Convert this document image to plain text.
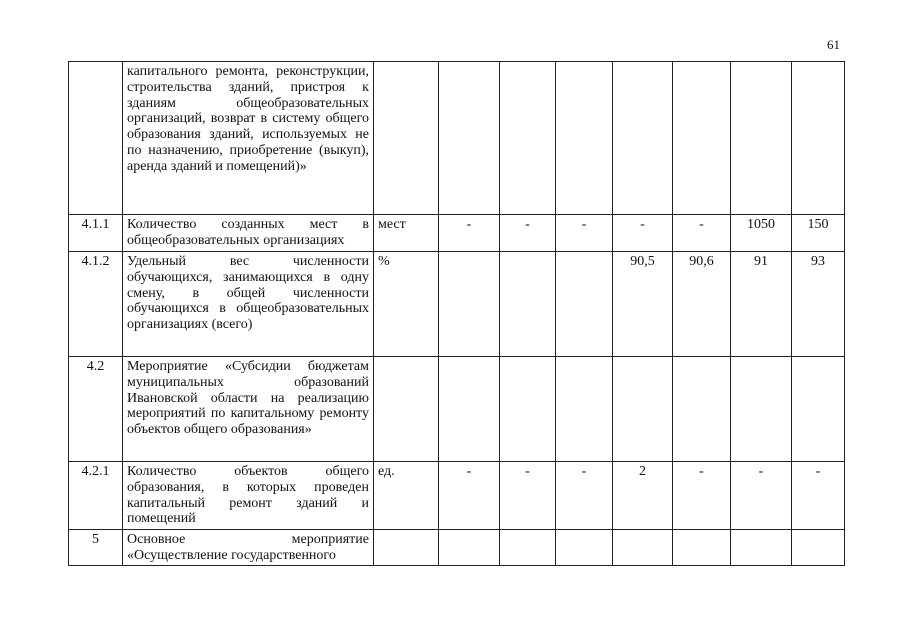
61
	капитального ремонта, реконструкции, строительства зданий, пристроя к зданиям общеобразовательных организаций, возврат в систему общего образования зданий, используемых не по назначению, приобретение (выкуп), аренда зданий и помещений)»								
4.1.1	Количество созданных мест в общеобразовательных организациях	мест	-	-	-	-	-	1050	150
4.1.2	Удельный вес численности обучающихся, занимающихся в одну смену, в общей численности обучающихся в общеобразовательных организациях (всего)	%				90,5	90,6	91	93
4.2	Мероприятие «Субсидии бюджетам муниципальных образований Ивановской области на реализацию мероприятий по капитальному ремонту объектов общего образования»								
4.2.1	Количество объектов общего образования, в которых проведен капитальный ремонт зданий и помещений	ед.	-	-	-	2	-	-	-
5	Основное мероприятие «Осуществление государственного								
